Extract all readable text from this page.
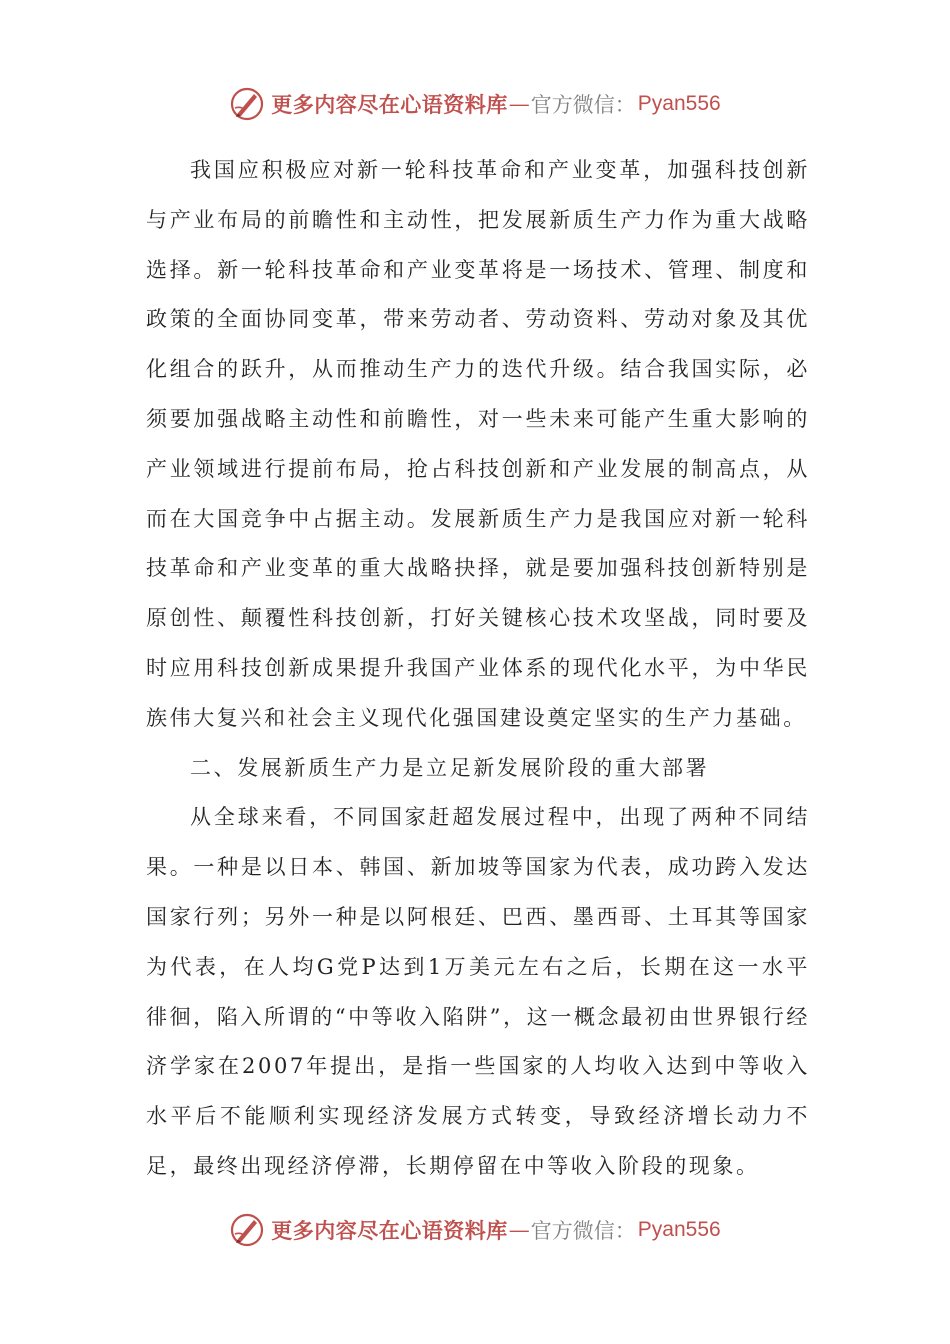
更多内容尽在心语资料库 — 官方微信： Pyan556

我国应积极应对新一轮科技革命和产业变革，加强科技创新与产业布局的前瞻性和主动性，把发展新质生产力作为重大战略选择。新一轮科技革命和产业变革将是一场技术、管理、制度和政策的全面协同变革，带来劳动者、劳动资料、劳动对象及其优化组合的跃升，从而推动生产力的迭代升级。结合我国实际，必须要加强战略主动性和前瞻性，对一些未来可能产生重大影响的产业领域进行提前布局，抢占科技创新和产业发展的制高点，从而在大国竞争中占据主动。发展新质生产力是我国应对新一轮科技革命和产业变革的重大战略抉择，就是要加强科技创新特别是原创性、颠覆性科技创新，打好关键核心技术攻坚战，同时要及时应用科技创新成果提升我国产业体系的现代化水平，为中华民族伟大复兴和社会主义现代化强国建设奠定坚实的生产力基础。

二、发展新质生产力是立足新发展阶段的重大部署

从全球来看，不同国家赶超发展过程中，出现了两种不同结果。一种是以日本、韩国、新加坡等国家为代表，成功跨入发达国家行列；另外一种是以阿根廷、巴西、墨西哥、土耳其等国家为代表，在人均G党P达到1万美元左右之后，长期在这一水平徘徊，陷入所谓的“中等收入陷阱”，这一概念最初由世界银行经济学家在2007年提出，是指一些国家的人均收入达到中等收入水平后不能顺利实现经济发展方式转变，导致经济增长动力不足，最终出现经济停滞，长期停留在中等收入阶段的现象。

更多内容尽在心语资料库 — 官方微信： Pyan556
